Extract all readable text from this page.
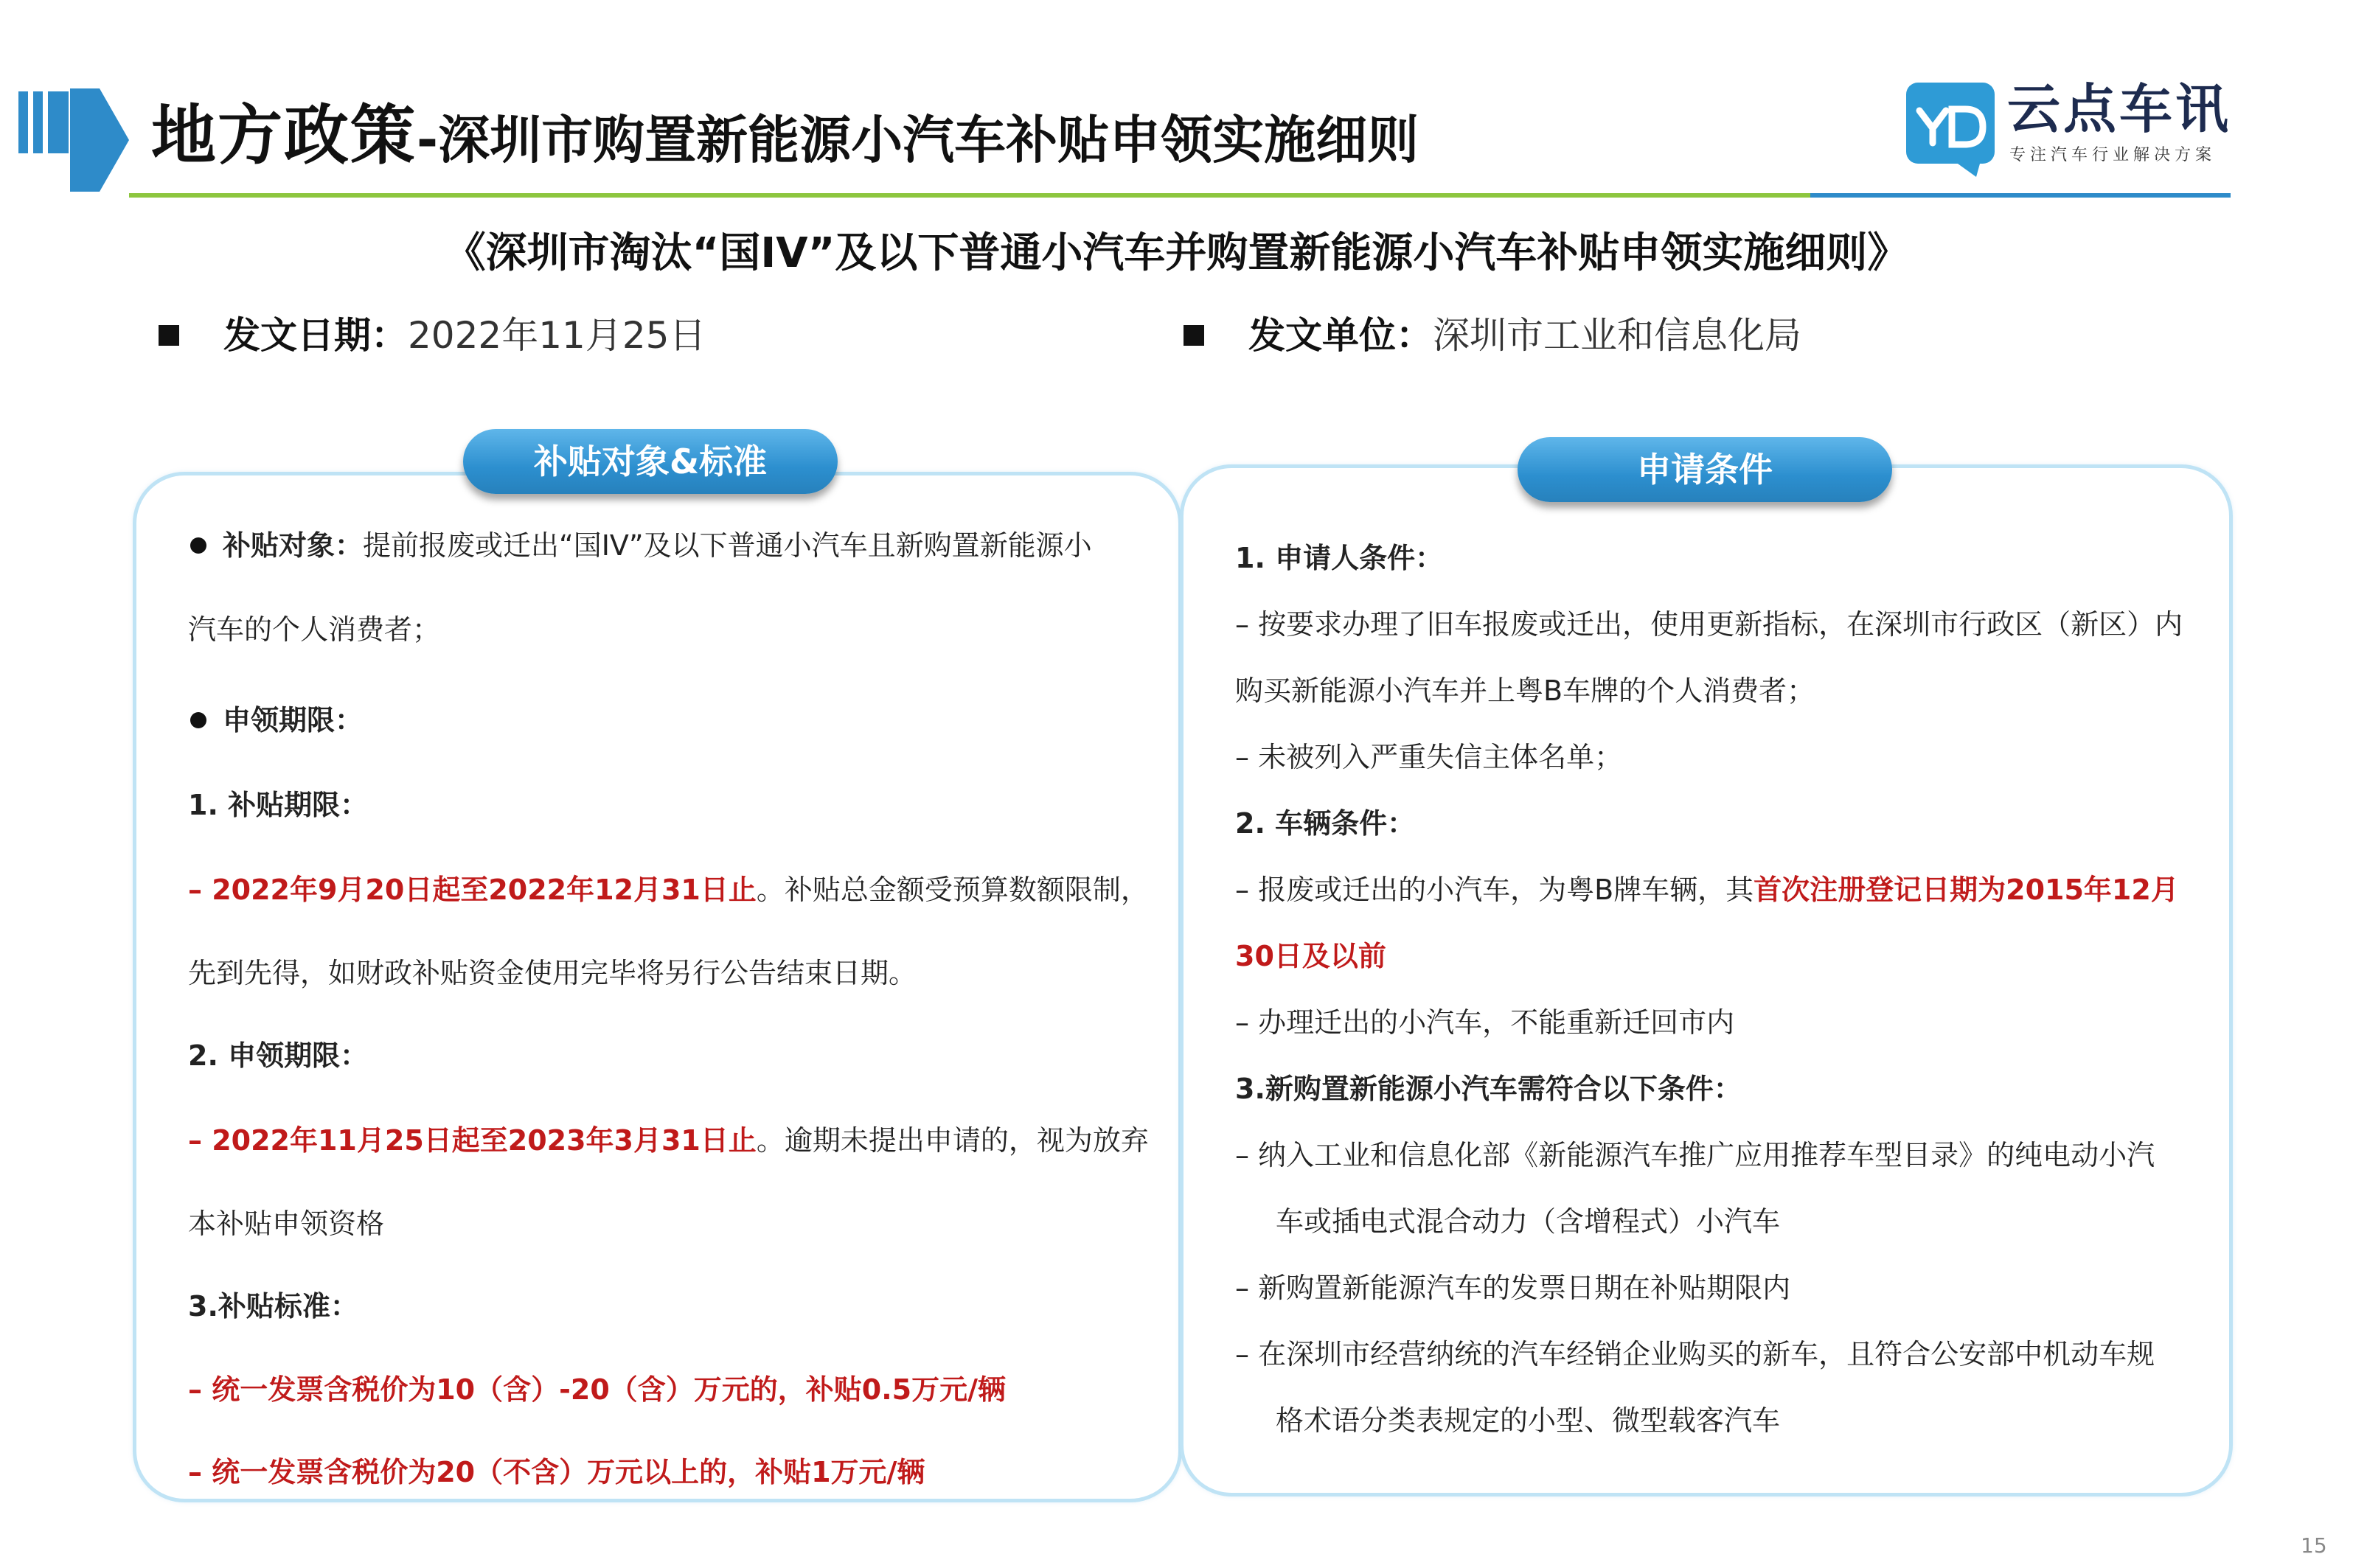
地方政策-深圳市购置新能源小汽车补贴申领实施细则	云点车讯
专注汽车行业解决方案
《深圳市淘汰“国IV”及以下普通小汽车并购置新能源小汽车补贴申领实施细则》
发文日期：2022年11月25日	发文单位：深圳市工业和信息化局
补贴对象&标准
补贴对象：提前报废或迁出“国IV”及以下普通小汽车且新购置新能源小
汽车的个人消费者；
申领期限：
1. 补贴期限：
– 2022年9月20日起至2022年12月31日止。补贴总金额受预算数额限制，
先到先得，如财政补贴资金使用完毕将另行公告结束日期。
2. 申领期限：
– 2022年11月25日起至2023年3月31日止。逾期未提出申请的，视为放弃
本补贴申领资格
3.补贴标准：
– 统一发票含税价为10（含）-20（含）万元的，补贴0.5万元/辆
– 统一发票含税价为20（不含）万元以上的，补贴1万元/辆
申请条件
1. 申请人条件：
– 按要求办理了旧车报废或迁出，使用更新指标，在深圳市行政区（新区）内
购买新能源小汽车并上粤B车牌的个人消费者；
– 未被列入严重失信主体名单；
2. 车辆条件：
– 报废或迁出的小汽车，为粤B牌车辆，其首次注册登记日期为2015年12月
30日及以前
– 办理迁出的小汽车，不能重新迁回市内
3.新购置新能源小汽车需符合以下条件：
– 纳入工业和信息化部《新能源汽车推广应用推荐车型目录》的纯电动小汽
车或插电式混合动力（含增程式）小汽车
– 新购置新能源汽车的发票日期在补贴期限内
– 在深圳市经营纳统的汽车经销企业购买的新车，且符合公安部中机动车规
格术语分类表规定的小型、微型载客汽车
15
